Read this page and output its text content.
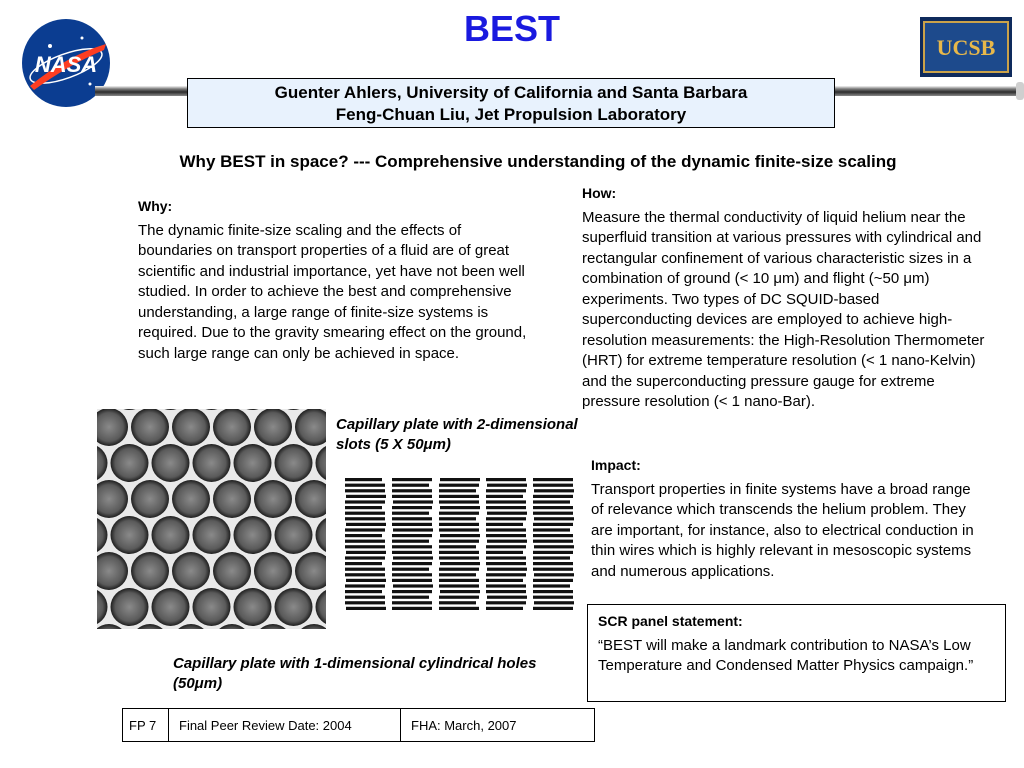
NASA
UCSB
BEST
Guenter Ahlers, University of California and Santa Barbara
Feng-Chuan Liu, Jet Propulsion Laboratory
Why BEST in space? --- Comprehensive understanding of the dynamic finite-size scaling

Why:

The dynamic finite-size scaling and the effects of boundaries on transport properties of a fluid are of great scientific and industrial importance, yet have not been well studied. In order to achieve the best and comprehensive understanding, a large range of finite-size systems is required. Due to the gravity smearing effect on the ground, such large range can only be achieved in space.

How:

Measure the thermal conductivity of liquid helium near the superfluid transition at various pressures with cylindrical and rectangular confinement of various characteristic sizes in a combination of ground (< 10 μm) and flight (~50 μm) experiments. Two types of DC SQUID-based superconducting devices are employed to achieve high-resolution measurements: the High-Resolution Thermometer (HRT) for extreme temperature resolution (< 1 nano-Kelvin) and the superconducting pressure gauge for extreme pressure resolution (< 1 nano-Bar).

Impact:

Transport properties in finite systems have a broad range of relevance which transcends the helium problem. They are important, for instance, also to electrical conduction in thin wires which is highly relevant in mesoscopic systems and numerous applications.

SCR panel statement:

“BEST will make a landmark contribution to NASA’s Low Temperature and Condensed Matter Physics campaign.”

Capillary plate with 2-dimensional slots (5 X 50μm)
Capillary plate with 1-dimensional cylindrical holes (50μm)
FP 7	Final Peer Review Date: 2004	FHA: March, 2007
